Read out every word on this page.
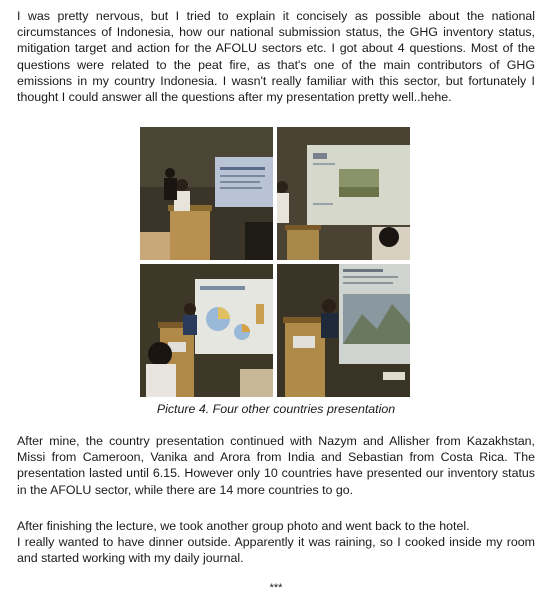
I was pretty nervous, but I tried to explain it concisely as possible about the national circumstances of Indonesia, how our national submission status, the GHG inventory status, mitigation target and action for the AFOLU sectors etc. I got about 4 questions. Most of the questions were related to the peat fire, as that's one of the main contributors of GHG emissions in my country Indonesia. I wasn't really familiar with this sector, but fortunately I thought I could answer all the questions after my presentation pretty well..hehe.

Picture 4. Four other countries presentation

After mine, the country presentation continued with Nazym and Allisher from Kazakhstan, Missi from Cameroon, Vanika and Arora from India and Sebastian from Costa Rica. The presentation lasted until 6.15. However only 10 countries have presented our inventory status in the AFOLU sector, while there are 14 more countries to go.

After finishing the lecture, we took another group photo and went back to the hotel.

I really wanted to have dinner outside. Apparently it was raining, so I cooked inside my room and started working with my daily journal.

***
